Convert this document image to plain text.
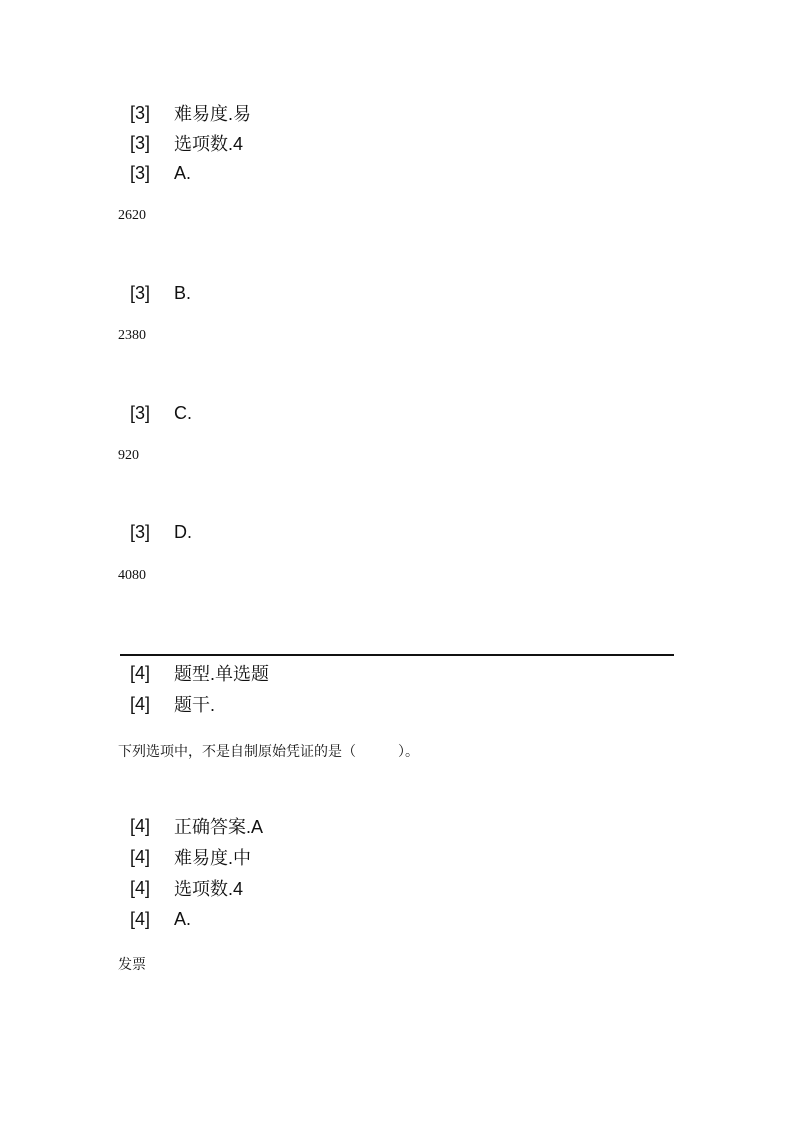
[3]	难易度.易
[3]	选项数.4
[3]	A.
2620
[3]	B.
2380
[3]	C.
920
[3]	D.
4080
[4]	题型.单选题
[4]	题干.
下列选项中，不是自制原始凭证的是（　　　）。
[4]	正确答案.A
[4]	难易度.中
[4]	选项数.4
[4]	A.
发票
